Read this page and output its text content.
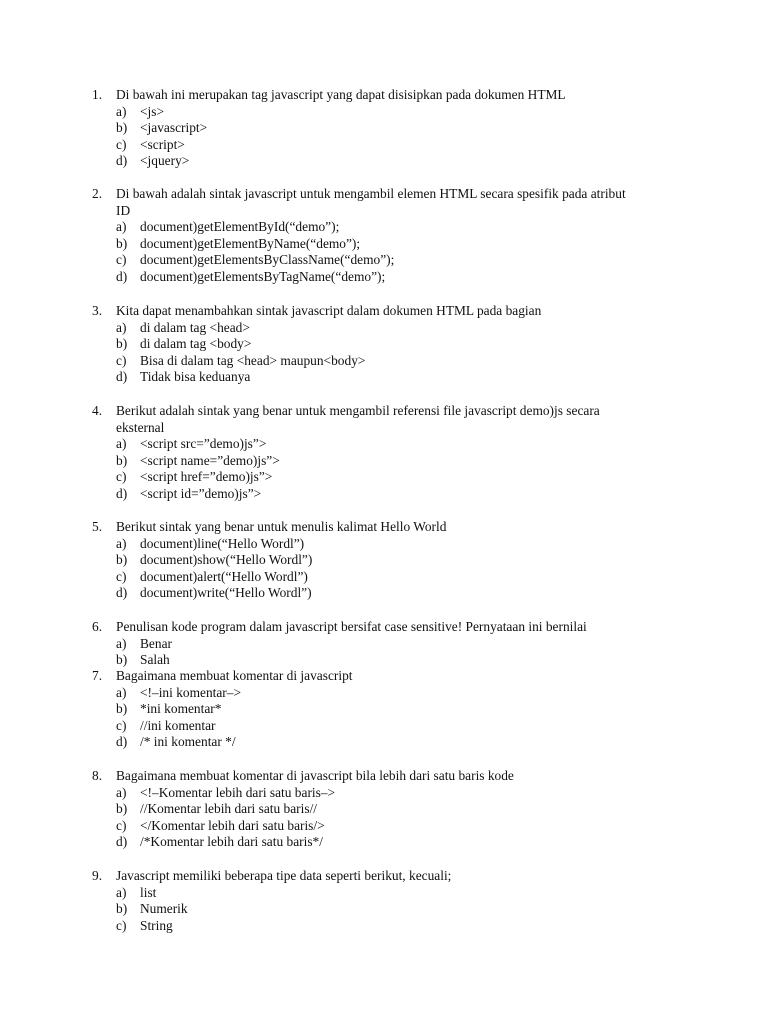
1. Di bawah ini merupakan tag javascript yang dapat disisipkan pada dokumen HTML
a) <js>
b) <javascript>
c) <script>
d) <jquery>
2. Di bawah adalah sintak javascript untuk mengambil elemen HTML secara spesifik pada atribut
ID
a) document)getElementById(“demo”);
b) document)getElementByName(“demo”);
c) document)getElementsByClassName(“demo”);
d) document)getElementsByTagName(“demo”);
3. Kita dapat menambahkan sintak javascript dalam dokumen HTML pada bagian
a) di dalam tag <head>
b) di dalam tag <body>
c) Bisa di dalam tag <head> maupun<body>
d) Tidak bisa keduanya
4. Berikut adalah sintak yang benar untuk mengambil referensi file javascript demo)js secara
eksternal
a) <script src=”demo)js”>
b) <script name=”demo)js”>
c) <script href=”demo)js”>
d) <script id=”demo)js”>
5. Berikut sintak yang benar untuk menulis kalimat Hello World
a) document)line(“Hello Wordl”)
b) document)show(“Hello Wordl”)
c) document)alert(“Hello Wordl”)
d) document)write(“Hello Wordl”)
6. Penulisan kode program dalam javascript bersifat case sensitive! Pernyataan ini bernilai
a) Benar
b) Salah
7. Bagaimana membuat komentar di javascript
a) <!–ini komentar–>
b) *ini komentar*
c) //ini komentar
d) /* ini komentar */
8. Bagaimana membuat komentar di javascript bila lebih dari satu baris kode
a) <!–Komentar lebih dari satu baris–>
b) //Komentar lebih dari satu baris//
c) </Komentar lebih dari satu baris/>
d) /*Komentar lebih dari satu baris*/
9. Javascript memiliki beberapa tipe data seperti berikut, kecuali;
a) list
b) Numerik
c) String
